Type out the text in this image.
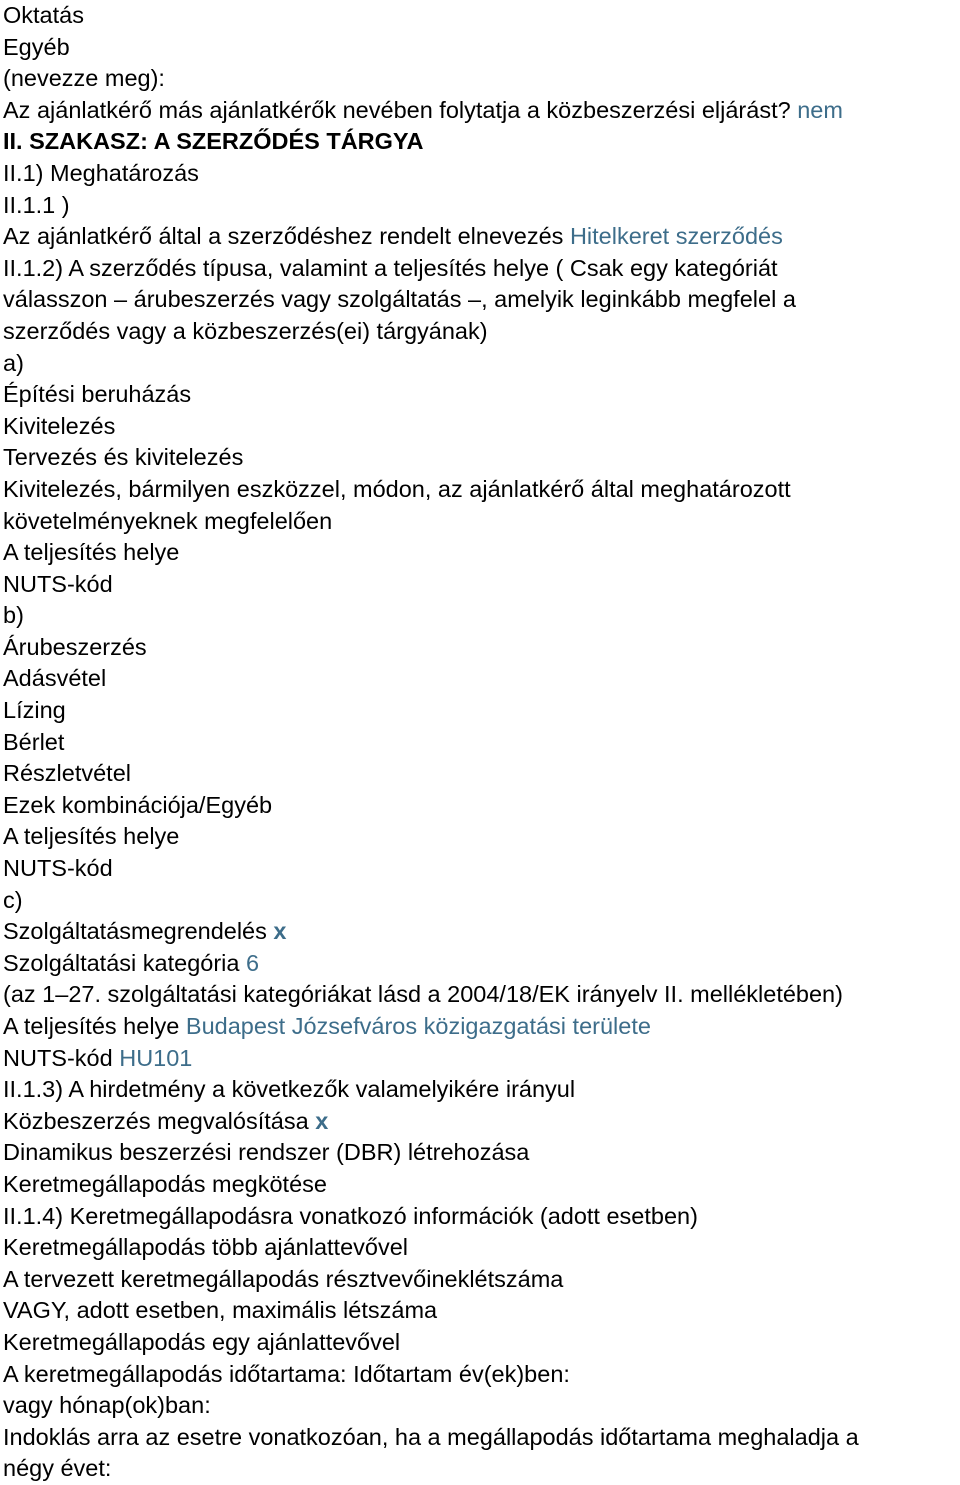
Oktatás
Egyéb
(nevezze meg):
Az ajánlatkérő más ajánlatkérők nevében folytatja a közbeszerzési eljárást? nem
II. SZAKASZ: A SZERZŐDÉS TÁRGYA
II.1) Meghatározás
II.1.1 )
Az ajánlatkérő által a szerződéshez rendelt elnevezés Hitelkeret szerződés
II.1.2) A szerződés típusa, valamint a teljesítés helye ( Csak egy kategóriát
válasszon – árubeszerzés vagy szolgáltatás –, amelyik leginkább megfelel a
szerződés vagy a közbeszerzés(ei) tárgyának)
a)
Építési beruházás
Kivitelezés
Tervezés és kivitelezés
Kivitelezés, bármilyen eszközzel, módon, az ajánlatkérő által meghatározott
követelményeknek megfelelően
A teljesítés helye
NUTS-kód
b)
Árubeszerzés
Adásvétel
Lízing
Bérlet
Részletvétel
Ezek kombinációja/Egyéb
A teljesítés helye
NUTS-kód
c)
Szolgáltatásmegrendelés x
Szolgáltatási kategória 6
(az 1–27. szolgáltatási kategóriákat lásd a 2004/18/EK irányelv II. mellékletében)
A teljesítés helye Budapest Józsefváros közigazgatási területe
NUTS-kód HU101
II.1.3) A hirdetmény a következők valamelyikére irányul
Közbeszerzés megvalósítása x
Dinamikus beszerzési rendszer (DBR) létrehozása
Keretmegállapodás megkötése
II.1.4) Keretmegállapodásra vonatkozó információk (adott esetben)
Keretmegállapodás több ajánlattevővel
A tervezett keretmegállapodás résztvevőineklétszáma
VAGY, adott esetben, maximális létszáma
Keretmegállapodás egy ajánlattevővel
A keretmegállapodás időtartama: Időtartam év(ek)ben:
vagy hónap(ok)ban:
Indoklás arra az esetre vonatkozóan, ha a megállapodás időtartama meghaladja a
négy évet:
